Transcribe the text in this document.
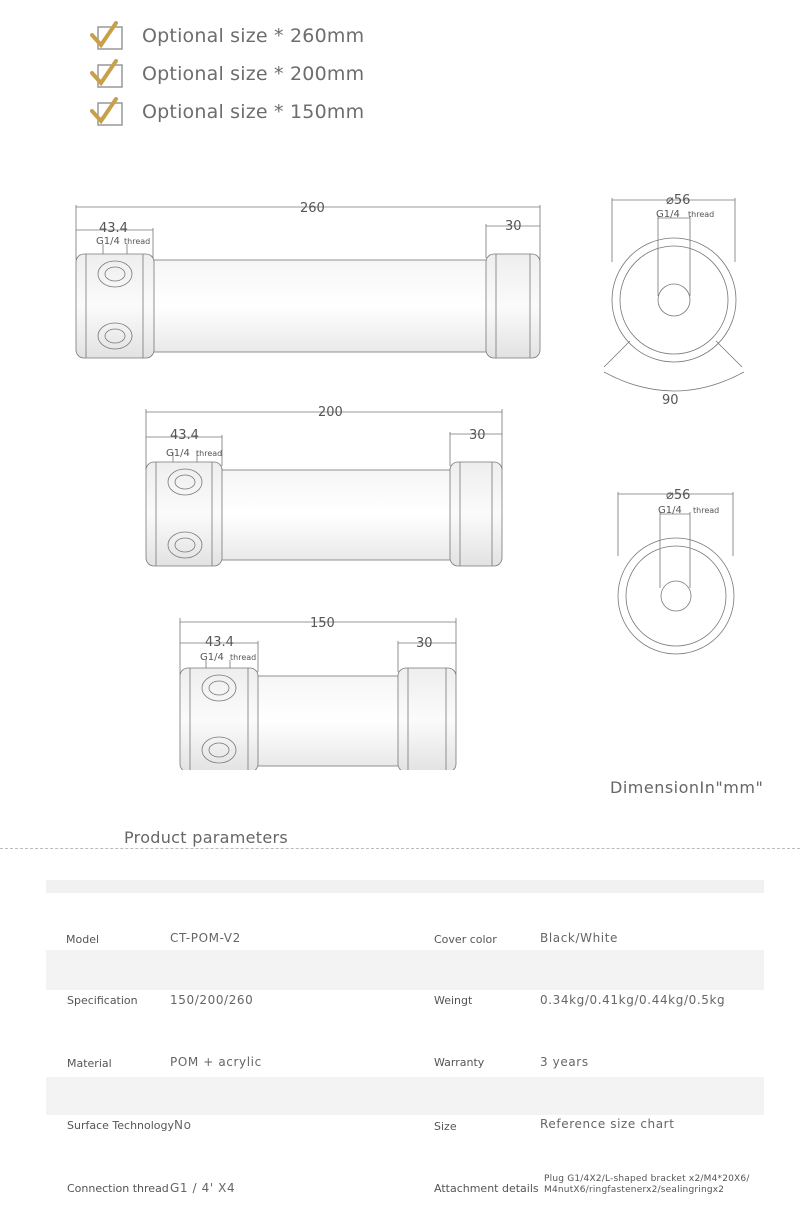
Optional size * 260mm
Optional size * 200mm
Optional size * 150mm
260
43.4	30
200
43.4	30
150
43.4	30
⌀56
90
⌀56
G1/4 thread
G1/4 thread
G1/4 thread
G1/4 thread
G1/4 thread
DimensionIn"mm"
Product parameters
Model	CT-POM-V2	Cover color	Black/White
Specification	150/200/260	Weingt	0.34kg/0.41kg/0.44kg/0.5kg
Material	POM + acrylic	Warranty	3 years
Surface Technology No	Size	Reference size chart
Connection thread G1 / 4' X4	Attachment details
Plug G1/4X2/L-shaped bracket x2/M4*20X6/
M4nutX6/ringfastenerx2/sealingringx2
